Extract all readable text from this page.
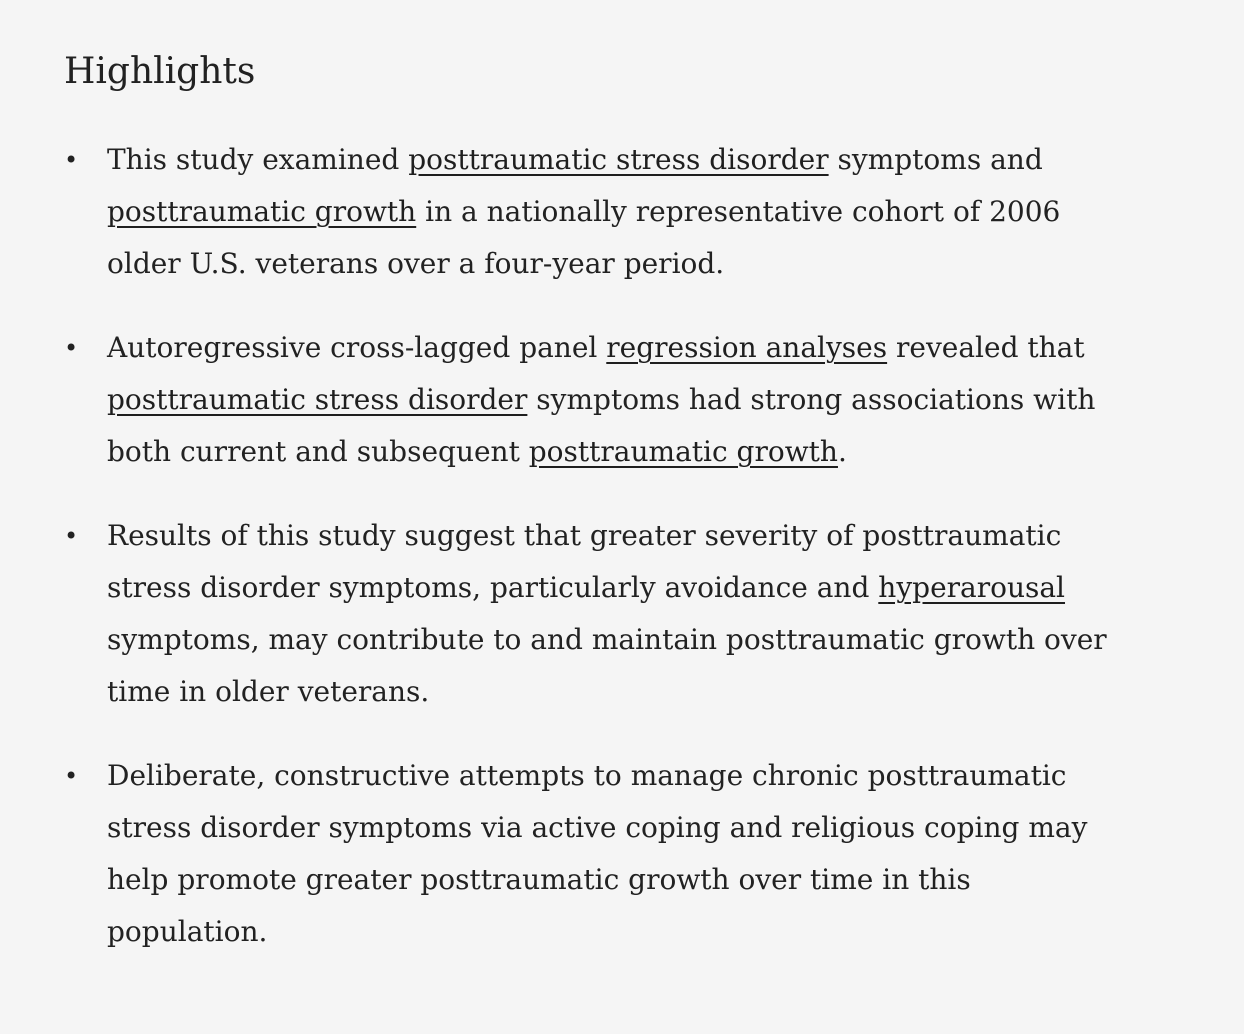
Highlights
• This study examined posttraumatic stress disorder symptoms and posttraumatic growth in a nationally representative cohort of 2006 older U.S. veterans over a four-year period.
• Autoregressive cross-lagged panel regression analyses revealed that posttraumatic stress disorder symptoms had strong associations with both current and subsequent posttraumatic growth.
• Results of this study suggest that greater severity of posttraumatic stress disorder symptoms, particularly avoidance and hyperarousal symptoms, may contribute to and maintain posttraumatic growth over time in older veterans.
• Deliberate, constructive attempts to manage chronic posttraumatic stress disorder symptoms via active coping and religious coping may help promote greater posttraumatic growth over time in this population.
